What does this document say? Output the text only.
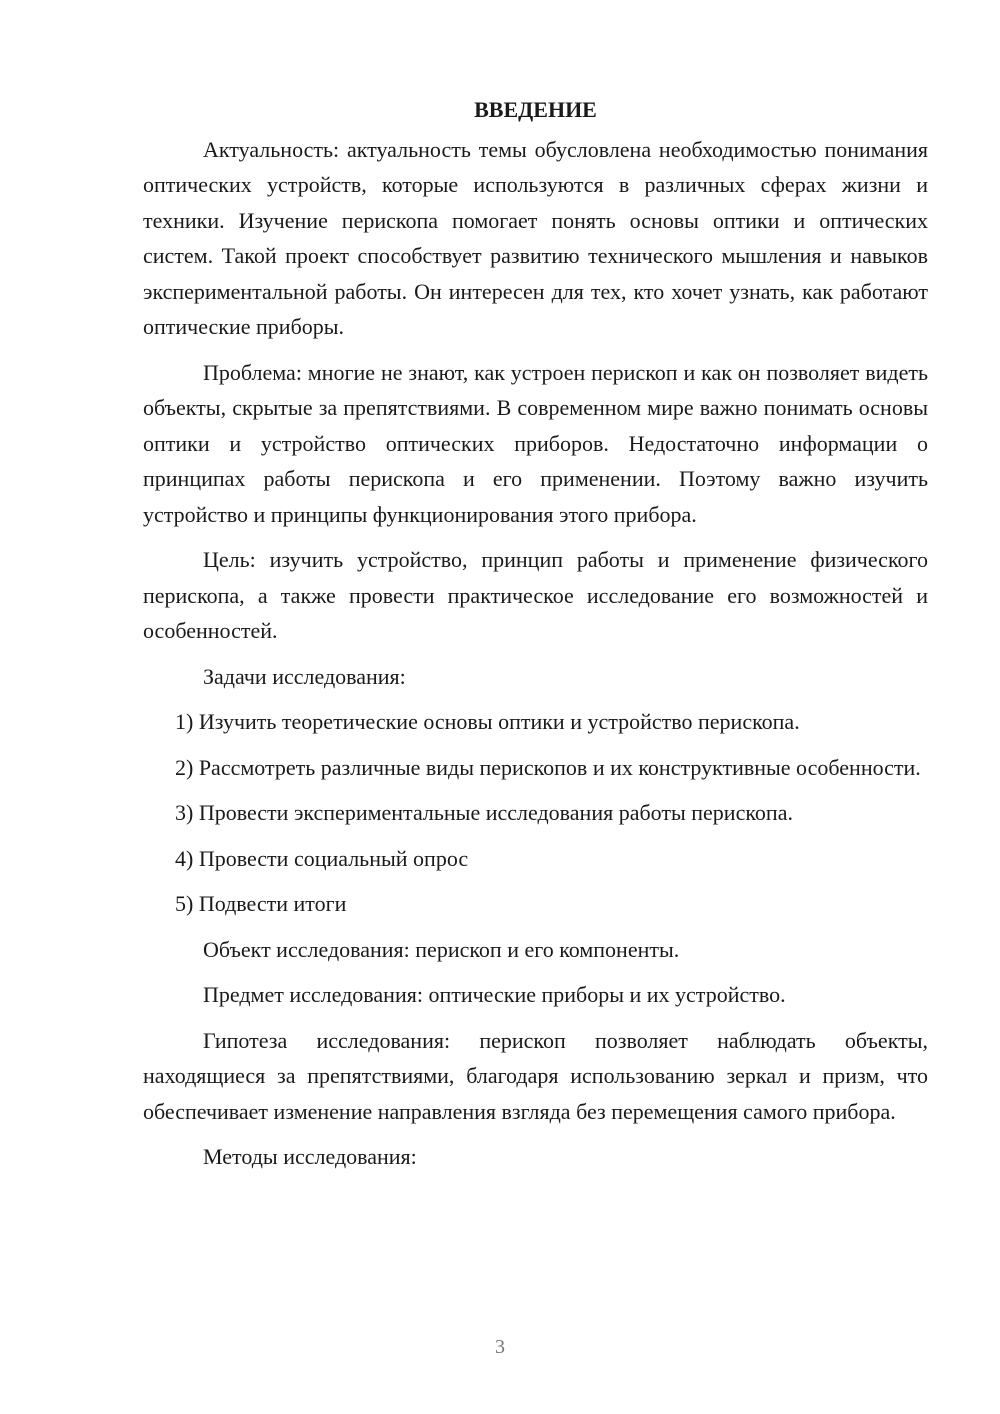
ВВЕДЕНИЕ

Актуальность: актуальность темы обусловлена необходимостью понимания оптических устройств, которые используются в различных сферах жизни и техники. Изучение перископа помогает понять основы оптики и оптических систем. Такой проект способствует развитию технического мышления и навыков экспериментальной работы. Он интересен для тех, кто хочет узнать, как работают оптические приборы.

Проблема: многие не знают, как устроен перископ и как он позволяет видеть объекты, скрытые за препятствиями. В современном мире важно понимать основы оптики и устройство оптических приборов. Недостаточно информации о принципах работы перископа и его применении. Поэтому важно изучить устройство и принципы функционирования этого прибора.

Цель: изучить устройство, принцип работы и применение физического перископа, а также провести практическое исследование его возможностей и особенностей.

Задачи исследования:

1) Изучить теоретические основы оптики и устройство перископа.

2) Рассмотреть различные виды перископов и их конструктивные особенности.

3) Провести экспериментальные исследования работы перископа.

4) Провести социальный опрос

5) Подвести итоги

Объект исследования: перископ и его компоненты.

Предмет исследования: оптические приборы и их устройство.

Гипотеза исследования: перископ позволяет наблюдать объекты, находящиеся за препятствиями, благодаря использованию зеркал и призм, что обеспечивает изменение направления взгляда без перемещения самого прибора.

Методы исследования:

3
